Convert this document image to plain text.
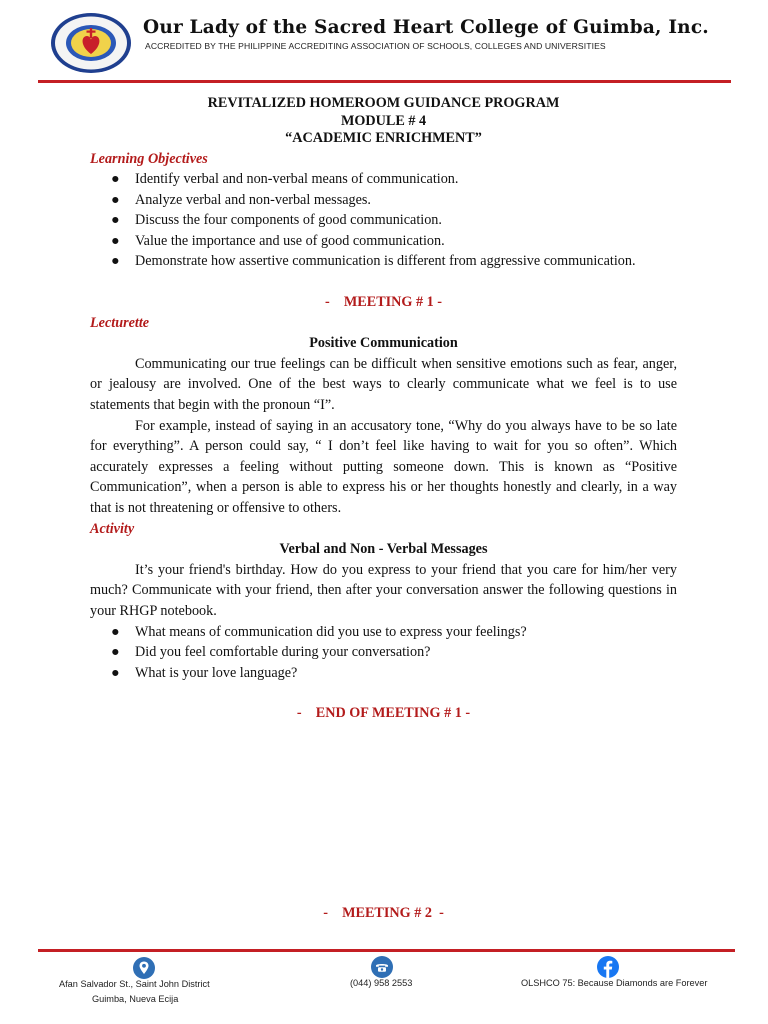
Our Lady of the Sacred Heart College of Guimba, Inc.
ACCREDITED BY THE PHILIPPINE ACCREDITING ASSOCIATION OF SCHOOLS, COLLEGES AND UNIVERSITIES
REVITALIZED HOMEROOM GUIDANCE PROGRAM
MODULE # 4
“ACADEMIC ENRICHMENT”
Learning Objectives
● Identify verbal and non-verbal means of communication.
● Analyze verbal and non-verbal messages.
● Discuss the four components of good communication.
● Value the importance and use of good communication.
● Demonstrate how assertive communication is different from aggressive communication.
-    MEETING # 1 -
Lecturette
Positive Communication

Communicating our true feelings can be difficult when sensitive emotions such as fear, anger, or jealousy are involved. One of the best ways to clearly communicate what we feel is to use statements that begin with the pronoun “I”.

For example, instead of saying in an accusatory tone, “Why do you always have to be so late for everything”. A person could say, “ I don’t feel like having to wait for you so often”. Which accurately expresses a feeling without putting someone down. This is known as “Positive Communication”, when a person is able to express his or her thoughts honestly and clearly, in a way that is not threatening or offensive to others.

Activity
Verbal and Non - Verbal Messages

It’s your friend's birthday. How do you express to your friend that you care for him/her very much? Communicate with your friend, then after your conversation answer the following questions in your RHGP notebook.

● What means of communication did you use to express your feelings?
● Did you feel comfortable during your conversation?
● What is your love language?
-    END OF MEETING # 1 -
-    MEETING # 2  -
Afan Salvador St., Saint John District
Guimba, Nueva Ecija
(044) 958 2553	OLSHCO 75: Because Diamonds are Forever
